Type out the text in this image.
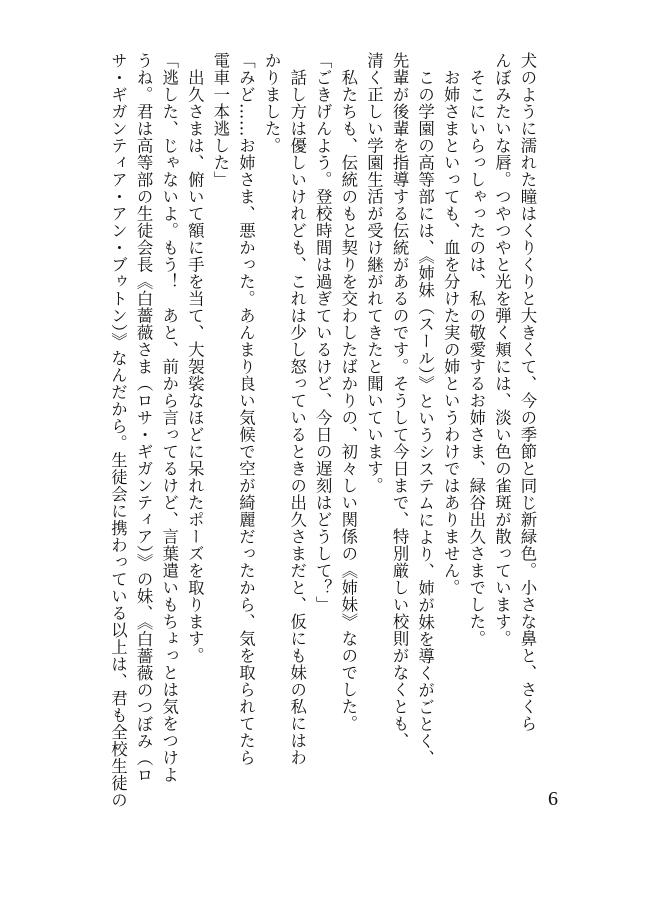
犬のように濡れた瞳はくりくりと大きくて、今の季節と同じ新緑色。小さな鼻と、さくら

んぼみたいな唇。つやつやと光を弾く頬には、淡い色の雀斑が散っています。

　そこにいらっしゃったのは、私の敬愛するお姉さま、緑谷出久さまでした。

　お姉さまといっても、血を分けた実の姉というわけではありません。

　この学園の高等部には、《姉妹（スール）》というシステムにより、姉が妹を導くがごとく、

先輩が後輩を指導する伝統があるのです。そうして今日まで、特別厳しい校則がなくとも、

清く正しい学園生活が受け継がれてきたと聞いています。

　私たちも、伝統のもと契りを交わしたばかりの、初々しい関係の《姉妹》なのでした。

「ごきげんよう。登校時間は過ぎているけど、今日の遅刻はどうして？」

　話し方は優しいけれども、これは少し怒っているときの出久さまだと、仮にも妹の私にはわ

かりました。

「みど……お姉さま、悪かった。あんまり良い気候で空が綺麗だったから、気を取られてたら

電車一本逃した」

　出久さまは、俯いて額に手を当て、大袈裟なほどに呆れたポーズを取ります。

「逃した、じゃないよ。もう！　あと、前から言ってるけど、言葉遣いもちょっとは気をつけよ

うね。君は高等部の生徒会長《白薔薇さま（ロサ・ギガンティア）》の妹、《白薔薇のつぼみ（ロ

サ・ギガンティア・アン・ブゥトン）》なんだから。生徒会に携わっている以上は、君も全校生徒の	6
